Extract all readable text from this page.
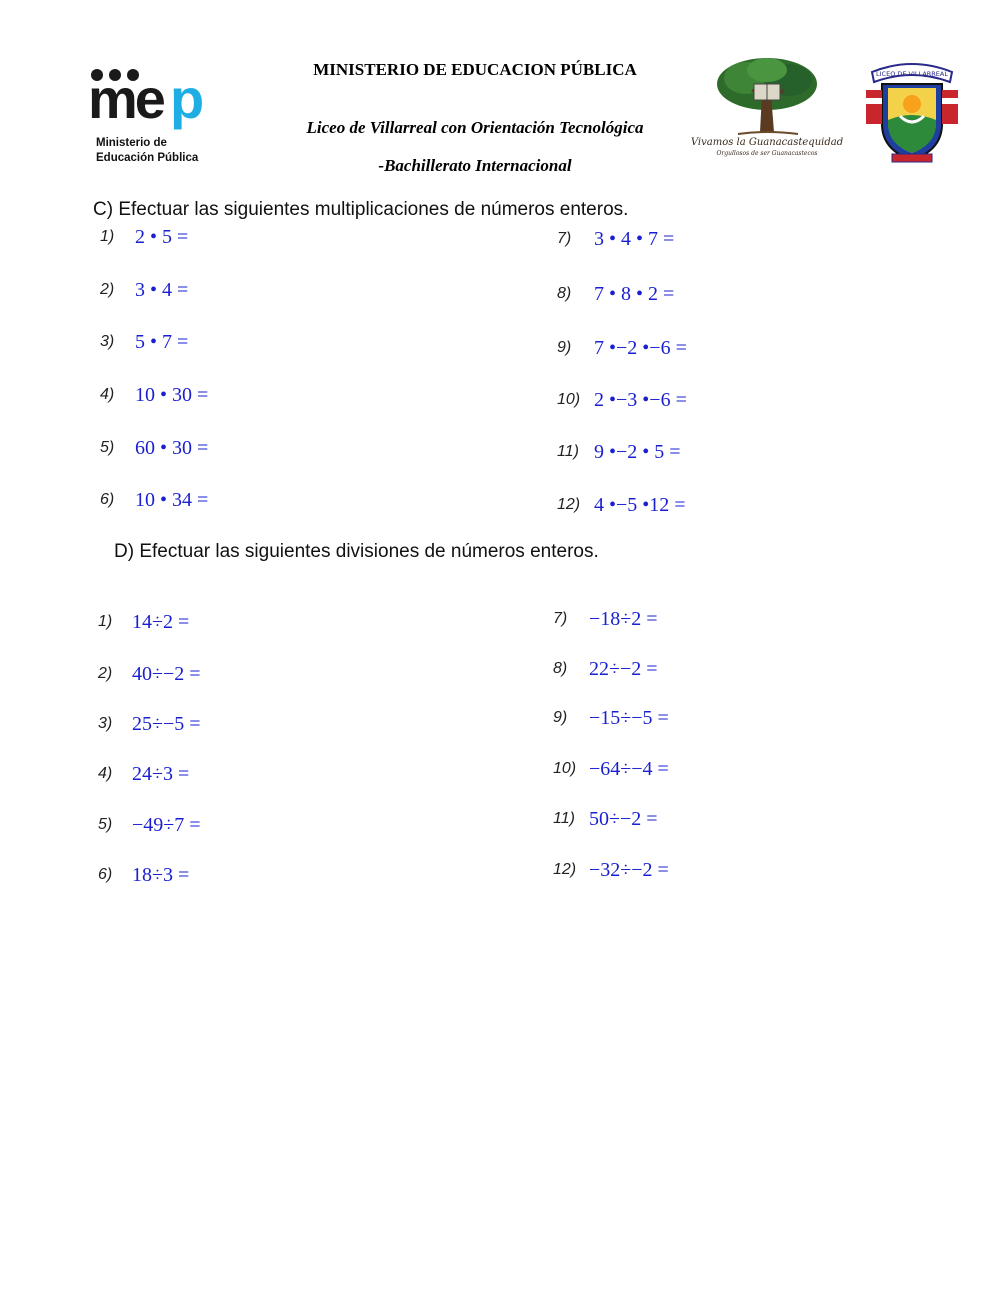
me p
Ministerio de
Educación Pública
MINISTERIO DE EDUCACION PÚBLICA
Liceo de Villarreal con Orientación Tecnológica
-Bachillerato Internacional
Vivamos la Guanacastequidad
Orgullosos de ser Guanacastecos
LICEO DE VILLARREAL
C) Efectuar las siguientes multiplicaciones de números enteros.
1) 2 • 5 =
2) 3 • 4 =
3) 5 • 7 =
4) 10 • 30 =
5) 60 • 30 =
6) 10 • 34 =
7) 3 • 4 • 7 =
8) 7 • 8 • 2 =
9) 7 •−2 •−6 =
10) 2 •−3 •−6 =
11) 9 •−2 • 5 =
12) 4 •−5 •12 =
D) Efectuar las siguientes divisiones de números enteros.
1) 14÷2 =
2) 40÷−2 =
3) 25÷−5 =
4) 24÷3 =
5) −49÷7 =
6) 18÷3 =
7) −18÷2 =
8) 22÷−2 =
9) −15÷−5 =
10) −64÷−4 =
11) 50÷−2 =
12) −32÷−2 =
